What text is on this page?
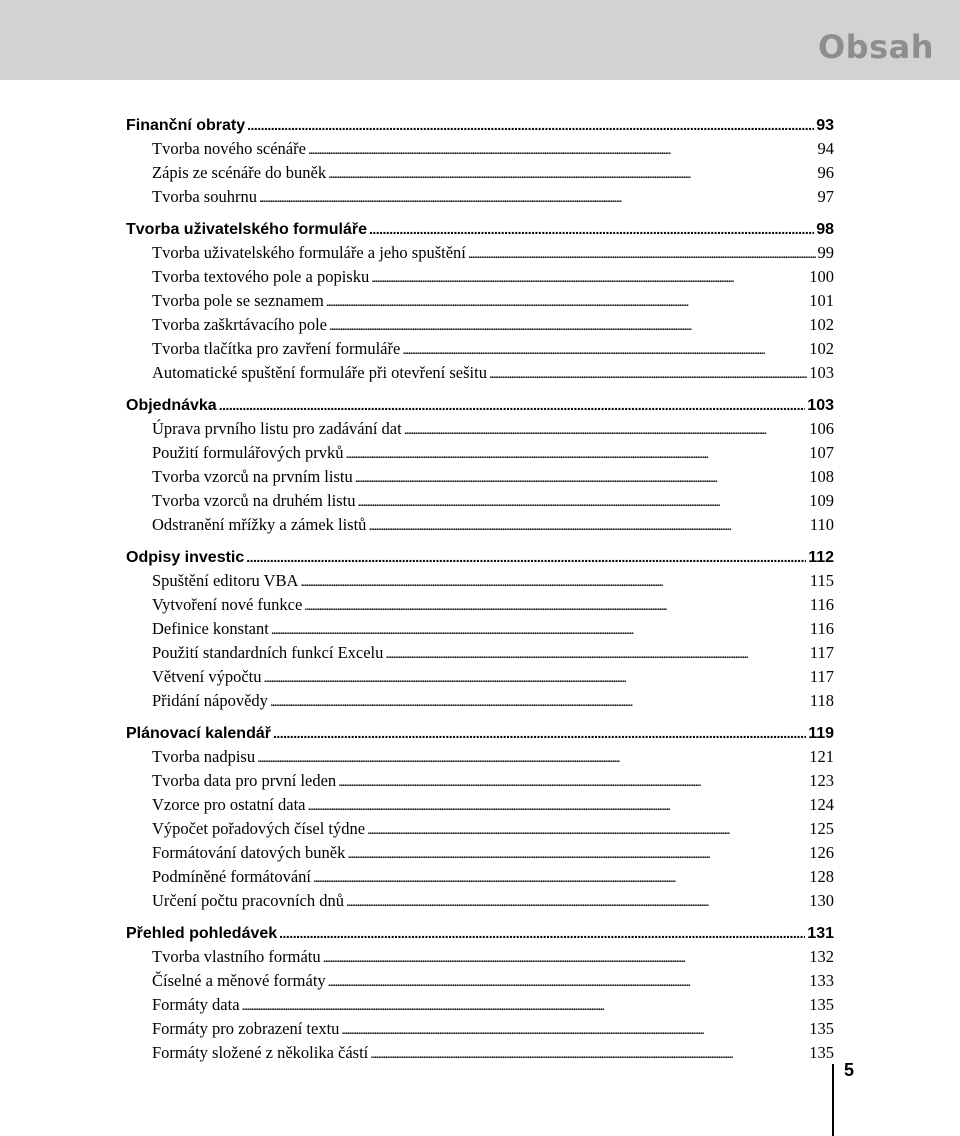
Obsah
Finanční obraty . . .	93
Tvorba nového scénáře . . .	94
Zápis ze scénáře do buněk . . .	96
Tvorba souhrnu . . .	97
Tvorba uživatelského formuláře . . .	98
Tvorba uživatelského formuláře a jeho spuštění . . .	99
Tvorba textového pole a popisku . . .	100
Tvorba pole se seznamem . . .	101
Tvorba zaškrtávacího pole . . .	102
Tvorba tlačítka pro zavření formuláře . . .	102
Automatické spuštění formuláře při otevření sešitu . . .	103
Objednávka . . .	103
Úprava prvního listu pro zadávání dat . . .	106
Použití formulářových prvků . . .	107
Tvorba vzorců na prvním listu . . .	108
Tvorba vzorců na druhém listu . . .	109
Odstranění mřížky a zámek listů . . .	110
Odpisy investic . . .	112
Spuštění editoru VBA . . .	115
Vytvoření nové funkce . . .	116
Definice konstant . . .	116
Použití standardních funkcí Excelu . . .	117
Větvení výpočtu . . .	117
Přidání nápovědy . . .	118
Plánovací kalendář . . .	119
Tvorba nadpisu . . .	121
Tvorba data pro první leden . . .	123
Vzorce pro ostatní data . . .	124
Výpočet pořadových čísel týdne . . .	125
Formátování datových buněk . . .	126
Podmíněné formátování . . .	128
Určení počtu pracovních dnů . . .	130
Přehled pohledávek . . .	131
Tvorba vlastního formátu . . .	132
Číselné a měnové formáty . . .	133
Formáty data . . .	135
Formáty pro zobrazení textu . . .	135
Formáty složené z několika částí . . .	135
5
